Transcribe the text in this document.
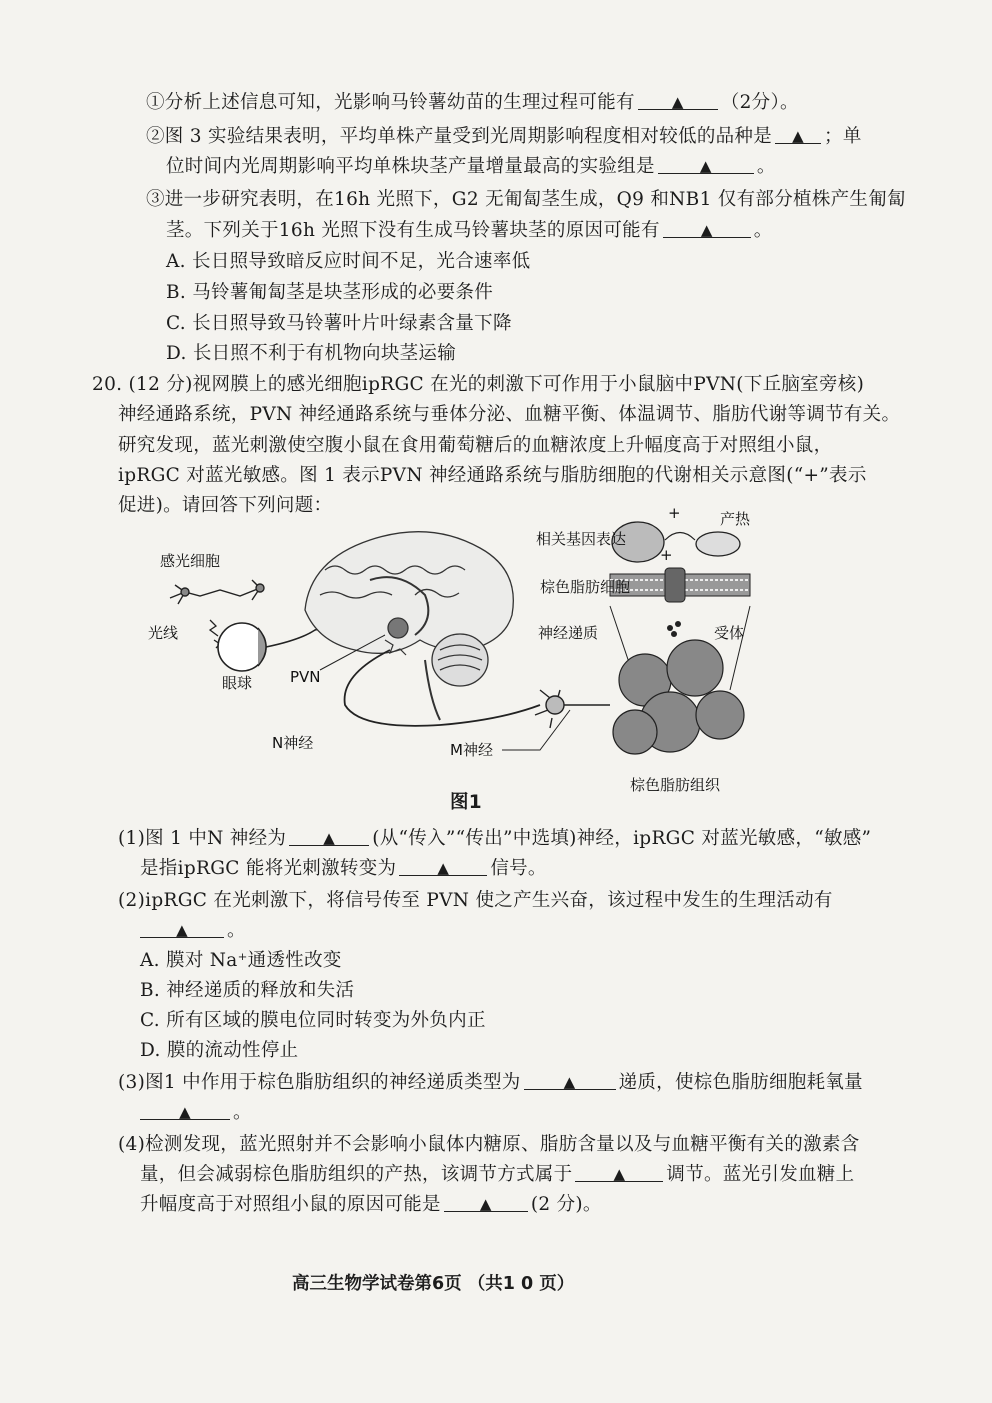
①分析上述信息可知，光影响马铃薯幼苗的生理过程可能有 ▲	（2分）。
②图 3 实验结果表明，平均单株产量受到光周期影响程度相对较低的品种是 ▲	；单
位时间内光周期影响平均单株块茎产量增量最高的实验组是 ▲	。
③进一步研究表明，在16h 光照下，G2 无匍匐茎生成，Q9 和NB1 仅有部分植株产生匍匐
茎。下列关于16h 光照下没有生成马铃薯块茎的原因可能有 ▲	。
A. 长日照导致暗反应时间不足，光合速率低
B. 马铃薯匍匐茎是块茎形成的必要条件
C. 长日照导致马铃薯叶片叶绿素含量下降
D. 长日照不利于有机物向块茎运输
20. (12 分)视网膜上的感光细胞ipRGC 在光的刺激下可作用于小鼠脑中PVN(下丘脑室旁核)
神经通路系统，PVN 神经通路系统与垂体分泌、血糖平衡、体温调节、脂肪代谢等调节有关。
研究发现，蓝光刺激使空腹小鼠在食用葡萄糖后的血糖浓度上升幅度高于对照组小鼠，
ipRGC 对蓝光敏感。图 1 表示PVN 神经通路系统与脂肪细胞的代谢相关示意图(“+”表示
促进)。请回答下列问题：
感光细胞
光线
眼球	PVN
N神经	M神经
相关基因表达
+	产热
+
棕色脂肪细胞
神经递质	受体
棕色脂肪组织
图1
(1)图 1 中N 神经为 ▲	(从“传入”“传出”中选填)神经，ipRGC 对蓝光敏感，“敏感”
是指ipRGC 能将光刺激转变为 ▲	信号。
(2)ipRGC 在光刺激下，将信号传至 PVN 使之产生兴奋，该过程中发生的生理活动有
▲。
A. 膜对 Na⁺通透性改变
B. 神经递质的释放和失活
C. 所有区域的膜电位同时转变为外负内正
D. 膜的流动性停止
(3)图1 中作用于棕色脂肪组织的神经递质类型为 ▲	递质，使棕色脂肪细胞耗氧量
▲。
(4)检测发现，蓝光照射并不会影响小鼠体内糖原、脂肪含量以及与血糖平衡有关的激素含
量，但会减弱棕色脂肪组织的产热，该调节方式属于 ▲	调节。蓝光引发血糖上
升幅度高于对照组小鼠的原因可能是 ▲	(2 分)。
高三生物学试卷第6页 （共1 0 页）
